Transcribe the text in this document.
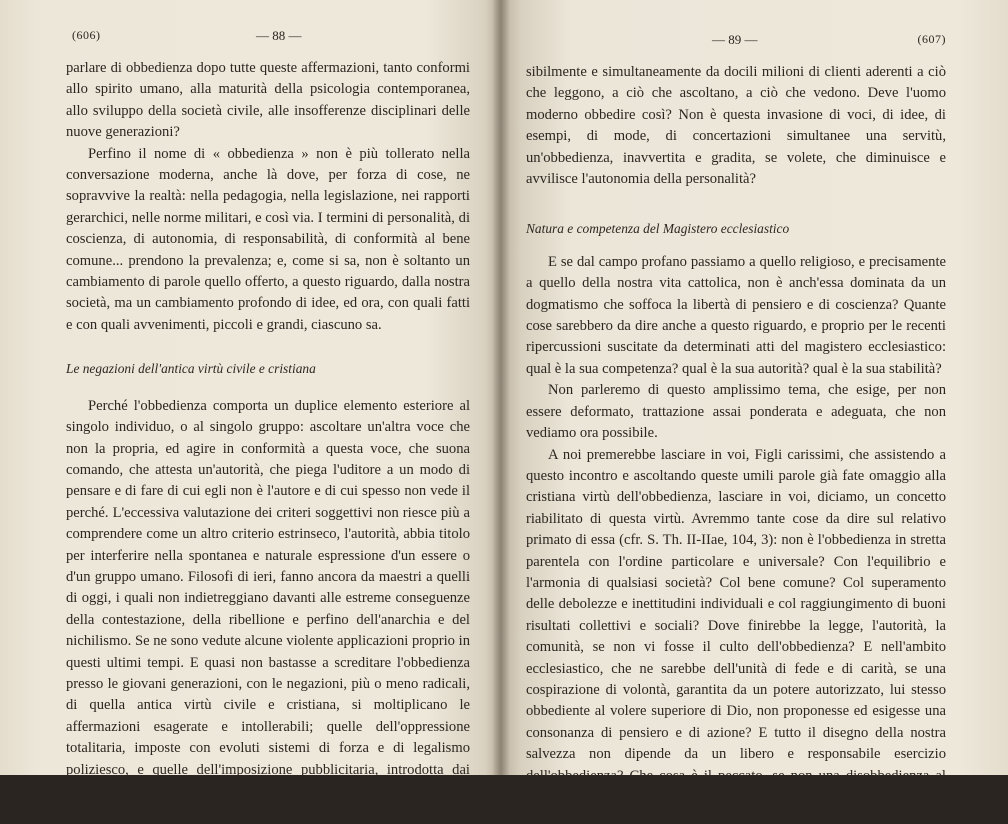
(606)	— 88 —

parlare di obbedienza dopo tutte queste affermazioni, tanto conformi allo spirito umano, alla maturità della psicologia contemporanea, allo sviluppo della società civile, alle insofferenze disciplinari delle nuove generazioni?

Perfino il nome di « obbedienza » non è più tollerato nella conversazione moderna, anche là dove, per forza di cose, ne sopravvive la realtà: nella pedagogia, nella legislazione, nei rapporti gerarchici, nelle norme militari, e così via. I termini di personalità, di coscienza, di autonomia, di responsabilità, di conformità al bene comune... prendono la prevalenza; e, come si sa, non è soltanto un cambiamento di parole quello offerto, a questo riguardo, dalla nostra società, ma un cambiamento profondo di idee, ed ora, con quali fatti e con quali avvenimenti, piccoli e grandi, ciascuno sa.

Le negazioni dell'antica virtù civile e cristiana

Perché l'obbedienza comporta un duplice elemento esteriore al singolo individuo, o al singolo gruppo: ascoltare un'altra voce che non la propria, ed agire in conformità a questa voce, che suona comando, che attesta un'autorità, che piega l'uditore a un modo di pensare e di fare di cui egli non è l'autore e di cui spesso non vede il perché. L'eccessiva valutazione dei criteri soggettivi non riesce più a comprendere come un altro criterio estrinseco, l'autorità, abbia titolo per interferire nella spontanea e naturale espressione d'un essere o d'un gruppo umano. Filosofi di ieri, fanno ancora da maestri a quelli di oggi, i quali non indietreggiano davanti alle estreme conseguenze della contestazione, della ribellione e perfino dell'anarchia e del nichilismo. Se ne sono vedute alcune violente applicazioni proprio in questi ultimi tempi. E quasi non bastasse a screditare l'obbedienza presso le giovani generazioni, con le negazioni, più o meno radicali, di quella antica virtù civile e cristiana, si moltiplicano le affermazioni esagerate e intollerabili; quelle dell'oppressione totalitaria, imposte con evoluti sistemi di forza e di legalismo poliziesco, e quelle dell'imposizione pubblicitaria, introdotta dai formidabili mezzi di comunicazione « di massa », come ora si dice, accolta insen-

— 89 —	(607)

sibilmente e simultaneamente da docili milioni di clienti aderenti a ciò che leggono, a ciò che ascoltano, a ciò che vedono. Deve l'uomo moderno obbedire così? Non è questa invasione di voci, di idee, di esempi, di mode, di concertazioni simultanee una servitù, un'obbedienza, inavvertita e gradita, se volete, che diminuisce e avvilisce l'autonomia della personalità?

Natura e competenza del Magistero ecclesiastico

E se dal campo profano passiamo a quello religioso, e precisamente a quello della nostra vita cattolica, non è anch'essa dominata da un dogmatismo che soffoca la libertà di pensiero e di coscienza? Quante cose sarebbero da dire anche a questo riguardo, e proprio per le recenti ripercussioni suscitate da determinati atti del magistero ecclesiastico: qual è la sua competenza? qual è la sua autorità? qual è la sua stabilità?

Non parleremo di questo amplissimo tema, che esige, per non essere deformato, trattazione assai ponderata e adeguata, che non vediamo ora possibile.

A noi premerebbe lasciare in voi, Figli carissimi, che assistendo a questo incontro e ascoltando queste umili parole già fate omaggio alla cristiana virtù dell'obbedienza, lasciare in voi, diciamo, un concetto riabilitato di questa virtù. Avremmo tante cose da dire sul relativo primato di essa (cfr. S. Th. II-IIae, 104, 3): non è l'obbedienza in stretta parentela con l'ordine particolare e universale? Con l'equilibrio e l'armonia di qualsiasi società? Col bene comune? Col superamento delle debolezze e inettitudini individuali e col raggiungimento di buoni risultati collettivi e sociali? Dove finirebbe la legge, l'autorità, la comunità, se non vi fosse il culto dell'obbedienza? E nell'ambito ecclesiastico, che ne sarebbe dell'unità di fede e di carità, se una cospirazione di volontà, garantita da un potere autorizzato, lui stesso obbediente al volere superiore di Dio, non proponesse ed esigesse una consonanza di pensiero e di azione? E tutto il disegno della nostra salvezza non dipende da un libero e responsabile esercizio dell'obbedienza? Che cosa è il peccato, se non una disobbedienza al comando
